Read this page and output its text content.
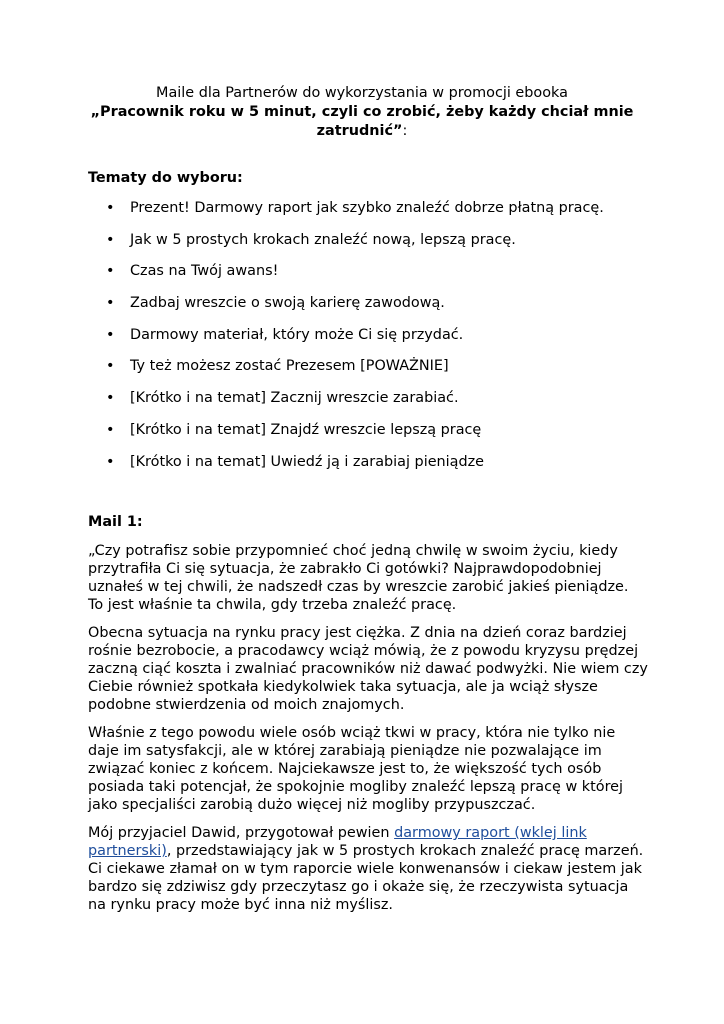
Maile dla Partnerów do wykorzystania w promocji ebooka
„Pracownik roku w 5 minut, czyli co zrobić, żeby każdy chciał mnie zatrudnić”:
Tematy do wyboru:
• Prezent! Darmowy raport jak szybko znaleźć dobrze płatną pracę.
• Jak w 5 prostych krokach znaleźć nową, lepszą pracę.
• Czas na Twój awans!
• Zadbaj wreszcie o swoją karierę zawodową.
• Darmowy materiał, który może Ci się przydać.
• Ty też możesz zostać Prezesem [POWAŻNIE]
• [Krótko i na temat] Zacznij wreszcie zarabiać.
• [Krótko i na temat] Znajdź wreszcie lepszą pracę
• [Krótko i na temat] Uwiedź ją i zarabiaj pieniądze
Mail 1:

„Czy potrafisz sobie przypomnieć choć jedną chwilę w swoim życiu, kiedy przytrafiła Ci się sytuacja, że zabrakło Ci gotówki? Najprawdopodobniej uznałeś w tej chwili, że nadszedł czas by wreszcie zarobić jakieś pieniądze. To jest właśnie ta chwila, gdy trzeba znaleźć pracę.

Obecna sytuacja na rynku pracy jest ciężka. Z dnia na dzień coraz bardziej rośnie bezrobocie, a pracodawcy wciąż mówią, że z powodu kryzysu prędzej zaczną ciąć koszta i zwalniać pracowników niż dawać podwyżki. Nie wiem czy Ciebie również spotkała kiedykolwiek taka sytuacja, ale ja wciąż słysze podobne stwierdzenia od moich znajomych.

Właśnie z tego powodu wiele osób wciąż tkwi w pracy, która nie tylko nie daje im satysfakcji, ale w której zarabiają pieniądze nie pozwalające im związać koniec z końcem. Najciekawsze jest to, że większość tych osób posiada taki potencjał, że spokojnie mogliby znaleźć lepszą pracę w której jako specjaliści zarobią dużo więcej niż mogliby przypuszczać.

Mój przyjaciel Dawid, przygotował pewien darmowy raport (wklej link partnerski), przedstawiający jak w 5 prostych krokach znaleźć pracę marzeń. Ci ciekawe złamał on w tym raporcie wiele konwenansów i ciekaw jestem jak bardzo się zdziwisz gdy przeczytasz go i okaże się, że rzeczywista sytuacja na rynku pracy może być inna niż myślisz.
